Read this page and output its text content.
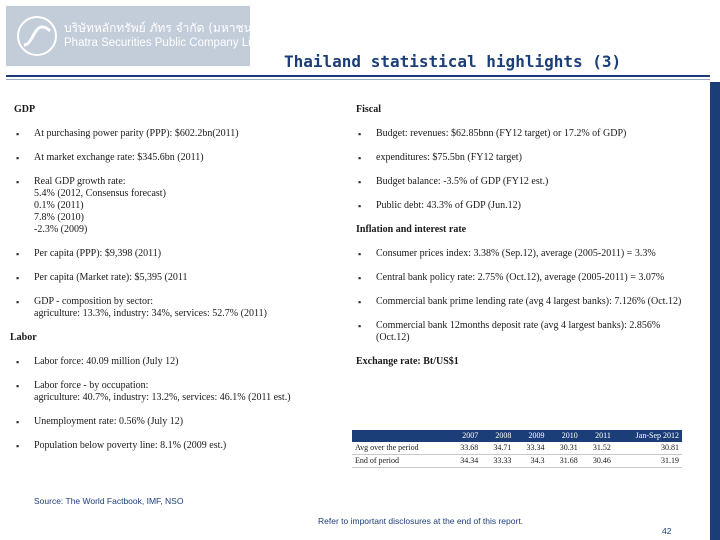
บริษัทหลักทรัพย์ ภัทร จำกัด (มหาชน)
Phatra Securities Public Company Limited
Thailand statistical highlights (3)
GDP
▪ At purchasing power parity (PPP): $602.2bn(2011)
▪ At market exchange rate: $345.6bn (2011)
▪ Real GDP growth rate:
5.4% (2012, Consensus forecast)
0.1% (2011)
7.8% (2010)
-2.3% (2009)
▪ Per capita (PPP): $9,398 (2011)
▪ Per capita (Market rate): $5,395 (2011
▪ GDP - composition by sector:
agriculture: 13.3%, industry: 34%, services: 52.7% (2011)
Labor
▪ Labor force: 40.09 million (July 12)
▪ Labor force - by occupation:
agriculture: 40.7%, industry: 13.2%, services: 46.1% (2011 est.)
▪ Unemployment rate: 0.56% (July 12)
▪ Population below poverty line: 8.1% (2009 est.)
Fiscal
▪ Budget: revenues: $62.85bnn (FY12 target) or 17.2% of GDP)
▪ expenditures: $75.5bn (FY12 target)
▪ Budget balance: -3.5% of GDP (FY12 est.)
▪ Public debt: 43.3% of GDP (Jun.12)
Inflation and interest rate
▪ Consumer prices index: 3.38% (Sep.12), average (2005-2011) = 3.3%
▪ Central bank policy rate: 2.75% (Oct.12), average (2005-2011) = 3.07%
▪ Commercial bank prime lending rate (avg 4 largest banks): 7.126% (Oct.12)
▪ Commercial bank 12months deposit rate (avg 4 largest banks): 2.856% (Oct.12)
Exchange rate: Bt/US$1
	2007	2008	2009	2010	2011	Jan-Sep 2012
Avg over the period	33.68	34.71	33.34	30.31	31.52	30.81
End of period	34.34	33.33	34.3	31.68	30.46	31.19
Source: The World Factbook, IMF, NSO
Refer to important disclosures at the end of this report.
42
